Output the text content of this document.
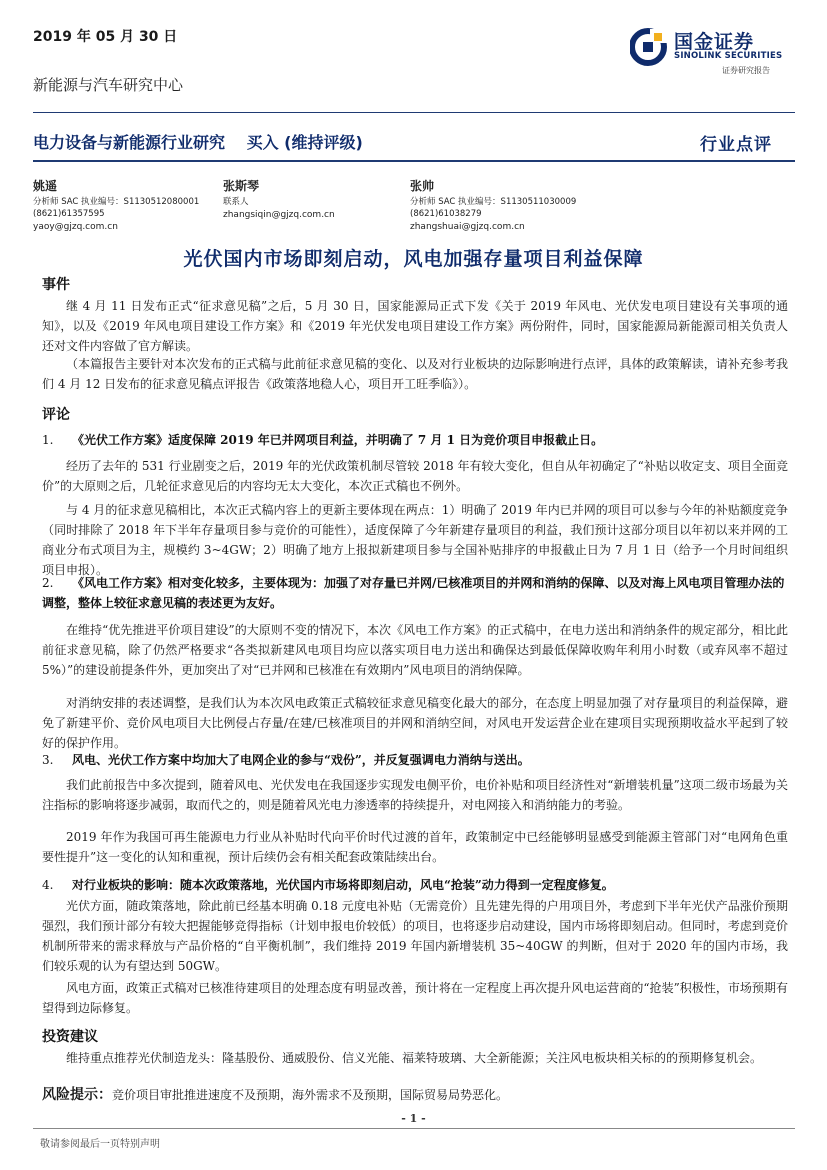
2019 年 05 月 30 日
新能源与汽车研究中心
国金证券
SINOLINK SECURITIES
证券研究报告
电力设备与新能源行业研究　 买入 (维持评级)	行业点评
姚遥
分析师 SAC 执业编号：S1130512080001
(8621)61357595
yaoy@gjzq.com.cn
张斯琴
联系人
zhangsiqin@gjzq.com.cn
张帅
分析师 SAC 执业编号：S1130511030009
(8621)61038279
zhangshuai@gjzq.com.cn
光伏国内市场即刻启动，风电加强存量项目利益保障
事件
继 4 月 11 日发布正式“征求意见稿”之后，5 月 30 日，国家能源局正式下发《关于 2019 年风电、光伏发电项目建设有关事项的通知》，以及《2019 年风电项目建设工作方案》和《2019 年光伏发电项目建设工作方案》两份附件，同时，国家能源局新能源司相关负责人还对文件内容做了官方解读。
（本篇报告主要针对本次发布的正式稿与此前征求意见稿的变化、以及对行业板块的边际影响进行点评，具体的政策解读，请补充参考我们 4 月 12 日发布的征求意见稿点评报告《政策落地稳人心，项目开工旺季临》）。
评论
1. 《光伏工作方案》适度保障 2019 年已并网项目利益，并明确了 7 月 1 日为竞价项目申报截止日。
经历了去年的 531 行业剧变之后，2019 年的光伏政策机制尽管较 2018 年有较大变化，但自从年初确定了“补贴以收定支、项目全面竞价”的大原则之后，几轮征求意见后的内容均无太大变化，本次正式稿也不例外。
与 4 月的征求意见稿相比，本次正式稿内容上的更新主要体现在两点：1）明确了 2019 年内已并网的项目可以参与今年的补贴额度竞争（同时排除了 2018 年下半年存量项目参与竞价的可能性），适度保障了今年新建存量项目的利益，我们预计这部分项目以年初以来并网的工商业分布式项目为主，规模约 3~4GW；2）明确了地方上报拟新建项目参与全国补贴排序的申报截止日为 7 月 1 日（给予一个月时间组织项目申报）。
2. 《风电工作方案》相对变化较多，主要体现为：加强了对存量已并网/已核准项目的并网和消纳的保障、以及对海上风电项目管理办法的调整，整体上较征求意见稿的表述更为友好。
在维持“优先推进平价项目建设”的大原则不变的情况下，本次《风电工作方案》的正式稿中，在电力送出和消纳条件的规定部分，相比此前征求意见稿，除了仍然严格要求“各类拟新建风电项目均应以落实项目电力送出和确保达到最低保障收购年利用小时数（或弃风率不超过 5%）”的建设前提条件外，更加突出了对“已并网和已核准在有效期内”风电项目的消纳保障。
对消纳安排的表述调整，是我们认为本次风电政策正式稿较征求意见稿变化最大的部分，在态度上明显加强了对存量项目的利益保障，避免了新建平价、竞价风电项目大比例侵占存量/在建/已核准项目的并网和消纳空间，对风电开发运营企业在建项目实现预期收益水平起到了较好的保护作用。
3. 风电、光伏工作方案中均加大了电网企业的参与“戏份”，并反复强调电力消纳与送出。
我们此前报告中多次提到，随着风电、光伏发电在我国逐步实现发电侧平价，电价补贴和项目经济性对“新增装机量”这项二级市场最为关注指标的影响将逐步减弱，取而代之的，则是随着风光电力渗透率的持续提升，对电网接入和消纳能力的考验。
2019 年作为我国可再生能源电力行业从补贴时代向平价时代过渡的首年，政策制定中已经能够明显感受到能源主管部门对“电网角色重要性提升”这一变化的认知和重视，预计后续仍会有相关配套政策陆续出台。
4. 对行业板块的影响：随本次政策落地，光伏国内市场将即刻启动，风电“抢装”动力得到一定程度修复。
光伏方面，随政策落地，除此前已经基本明确 0.18 元度电补贴（无需竞价）且先建先得的户用项目外，考虑到下半年光伏产品涨价预期强烈，我们预计部分有较大把握能够竞得指标（计划申报电价较低）的项目，也将逐步启动建设，国内市场将即刻启动。但同时，考虑到竞价机制所带来的需求释放与产品价格的“自平衡机制”，我们维持 2019 年国内新增装机 35~40GW 的判断，但对于 2020 年的国内市场，我们较乐观的认为有望达到 50GW。
风电方面，政策正式稿对已核准待建项目的处理态度有明显改善，预计将在一定程度上再次提升风电运营商的“抢装”积极性，市场预期有望得到边际修复。
投资建议
维持重点推荐光伏制造龙头：隆基股份、通威股份、信义光能、福莱特玻璃、大全新能源；关注风电板块相关标的的预期修复机会。
风险提示：竞价项目审批推进速度不及预期，海外需求不及预期，国际贸易局势恶化。
- 1 -
敬请参阅最后一页特别声明
